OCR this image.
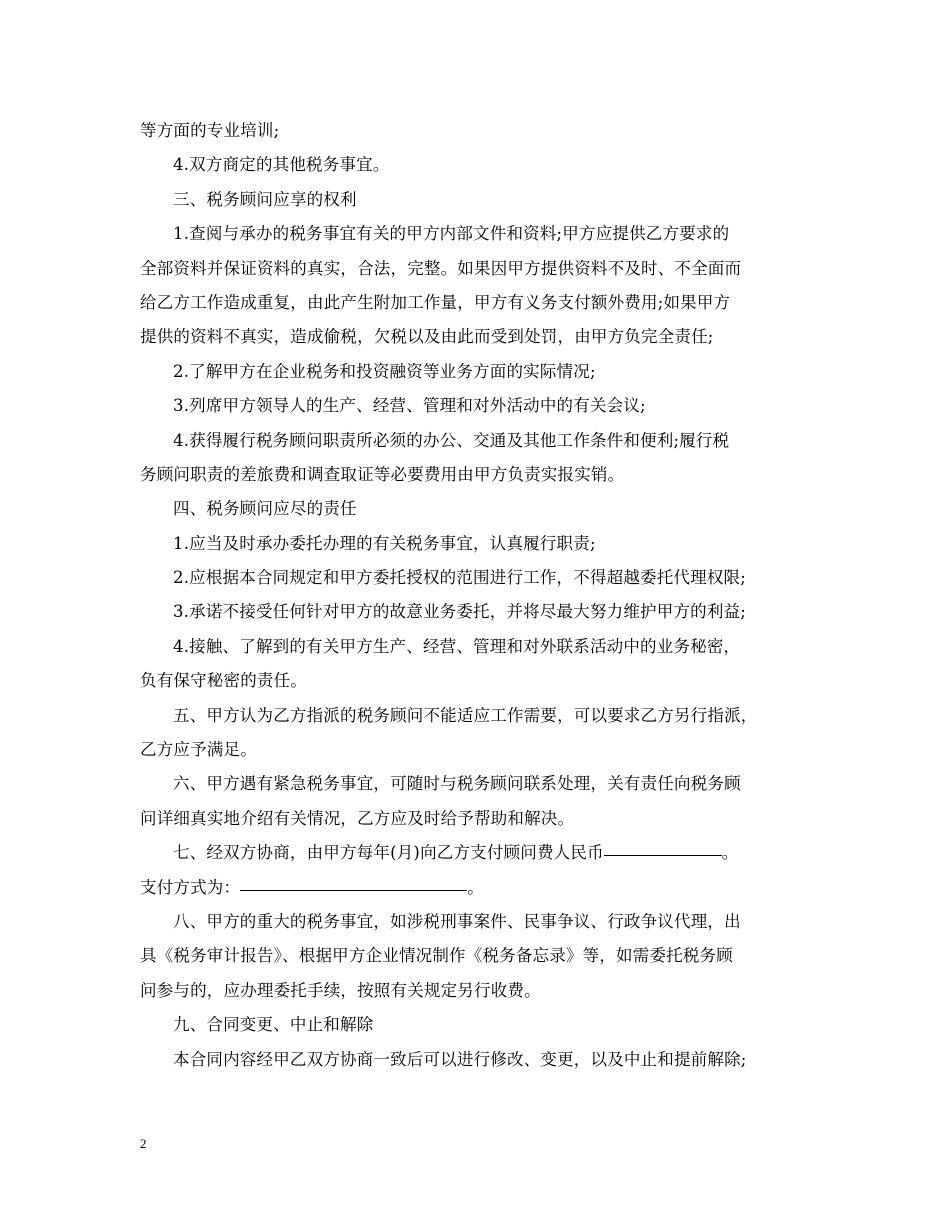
等方面的专业培训;
4.双方商定的其他税务事宜。
三、税务顾问应享的权利
1.查阅与承办的税务事宜有关的甲方内部文件和资料;甲方应提供乙方要求的
全部资料并保证资料的真实，合法，完整。如果因甲方提供资料不及时、不全面而
给乙方工作造成重复，由此产生附加工作量，甲方有义务支付额外费用;如果甲方
提供的资料不真实，造成偷税，欠税以及由此而受到处罚，由甲方负完全责任;
2.了解甲方在企业税务和投资融资等业务方面的实际情况;
3.列席甲方领导人的生产、经营、管理和对外活动中的有关会议;
4.获得履行税务顾问职责所必须的办公、交通及其他工作条件和便利;履行税
务顾问职责的差旅费和调查取证等必要费用由甲方负责实报实销。
四、税务顾问应尽的责任
1.应当及时承办委托办理的有关税务事宜，认真履行职责;
2.应根据本合同规定和甲方委托授权的范围进行工作，不得超越委托代理权限;
3.承诺不接受任何针对甲方的故意业务委托，并将尽最大努力维护甲方的利益;
4.接触、了解到的有关甲方生产、经营、管理和对外联系活动中的业务秘密，
负有保守秘密的责任。
五、甲方认为乙方指派的税务顾问不能适应工作需要，可以要求乙方另行指派，
乙方应予满足。
六、甲方遇有紧急税务事宜，可随时与税务顾问联系处理，关有责任向税务顾
问详细真实地介绍有关情况，乙方应及时给予帮助和解决。
七、经双方协商，由甲方每年(月)向乙方支付顾问费人民币	。
支付方式为：	。
八、甲方的重大的税务事宜，如涉税刑事案件、民事争议、行政争议代理，出
具《税务审计报告》、根据甲方企业情况制作《税务备忘录》等，如需委托税务顾
问参与的，应办理委托手续，按照有关规定另行收费。
九、合同变更、中止和解除
本合同内容经甲乙双方协商一致后可以进行修改、变更，以及中止和提前解除;
2
